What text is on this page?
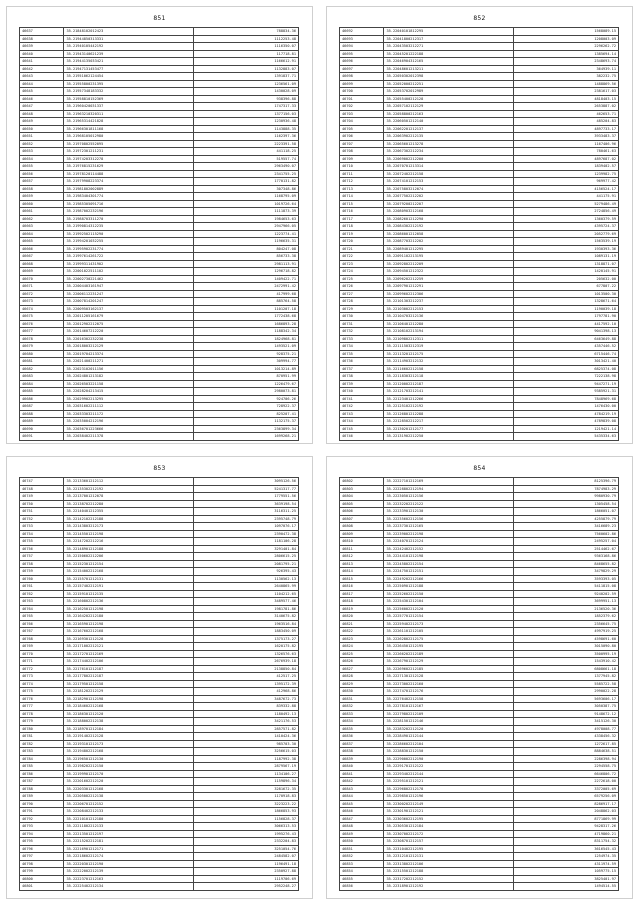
851
46637	35.21848102012423	788834.36
46638	35.21944850313331	1112253.48
46639	35.21940105442192	1116350.07
46640	35.21943140621239	117718.81
46641	35.21944135033421	1166612.91
46642	35.21947131453477	1132883.07
46643	35.21951062124454	1391837.71
46644	35.21955800231395	1236561.09
46645	35.21957348183332	1430028.09
46646	35.21958810152369	938396.88
46647	35.21960420031337	1747317.33
46648	35.21963210320311	1377156.03
46649	35.21965314421828	1230936.48
46650	35.21966301811168	1143888.35
46651	35.21968105012980	1162397.36
46652	35.21970802552095	2223391.58
46653	35.21972301211231	441118.25
46654	35.21974203312278	519557.74
46655	35.21976815231629	2963490.07
46656	35.21978120114488	2341755.25
46657	35.21979908223374	1770131.82
46658	35.21981802002889	307348.86
46659	35.21983404301774	1168795.09
46660	35.21985305091716	1019726.64
46661	35.21987002232196	1111873.39
46662	35.21988703311270	1984653.63
46663	35.21990814312235	2947966.05
46664	35.21992502115290	1223774.41
46665	35.21994201032255	1196635.31
46666	35.21995902231774	804247.08
46667	35.21997614261722	856733.38
46668	35.21999311431902	2981113.91
46669	35.22001022511102	1296718.82
46670	35.22002730221462	1409422.71
46671	35.22004403161947	2472991.42
46672	35.22006112231247	417999.68
46673	35.22007814201247	885764.58
46674	35.22009503162137	1101207.18
46675	35.22011205161679	1772438.68
46676	35.22012902212075	1686893.28
46677	35.22014607212220	1188342.34
46678	35.22016302232238	1824968.81
46679	35.22018003212129	1493521.09
46680	35.22019704213374	928375.21
46681	35.22021400211271	309994.77
46682	35.22023102011156	1013214.89
46683	35.22024801213182	870951.99
46684	35.22026503221158	1226479.67
46685	35.22028204213415	2980073.81
46686	35.22029902213295	924706.26
46687	35.22031602211112	728922.37
46688	35.22033303211172	825207.41
46689	35.22035004212196	1132175.37
46690	35.22036701223666	2363899.34
46691	35.22038402211378	1699268.21
852
46692	35.22040101812295	1568089.15
46693	35.22041800212317	1208003.09
46694	35.22043503212271	2296262.72
46695	35.22045201222188	1385694.14
46696	35.22046904312165	2348693.74
46697	35.22048601213211	364939.11
46698	35.22050302012398	382232.75
46699	35.22052000212251	1488869.56
46700	35.22053702012989	2381617.03
46701	35.22055400212128	4818403.15
46702	35.22057102112129	2653887.02
46703	35.22058800212163	462653.71
46704	35.22060501212140	485204.83
46705	35.22062201212137	4897733.17
46706	35.22063902212135	3933483.37
46707	35.22065601213278	1167406.96
46708	35.22067302212234	780461.63
46709	35.22069002212200	4897687.02
46710	35.22070701213314	1839402.57
46711	35.22072402212158	1239982.75
46712	35.22074101212153	969977.42
46713	35.22075803212074	4156524.17
46714	35.22077502212202	441175.91
46715	35.22079200212207	5279486.49
46716	35.22080903212168	2724856.49
46717	35.22082601212290	1360379.59
46718	35.22084302212192	4395724.37
46719	35.22086001212058	2052779.69
46720	35.22087703212202	1563539.19
46721	35.22089401212295	1930393.36
46722	35.22091102213195	1089131.19
46723	35.22092802212209	1318871.07
46724	35.22094501212322	1420145.91
46725	35.22096202212259	205632.00
46726	35.22097901212291	677807.22
46727	35.22099602212306	1013500.30
46728	35.22101303212237	1328671.64
46729	35.22103002212153	1190039.18
46730	35.22104703212136	1797781.90
46731	35.22106401212280	4417592.10
46732	35.22108102213194	9041398.13
46733	35.22109802212311	6463649.88
46734	35.22111503212319	4357446.52
46735	35.22113201212175	6715446.74
46736	35.22114903212132	3013421.40
46737	35.22116602212158	6825374.08
46738	35.22118303212118	7222138.98
46739	35.22120002212187	9447271.19
46740	35.22121703212141	9385921.31
46741	35.22123401212266	7848969.68
46742	35.22125102212192	1476430.00
46743	35.22126801212288	4784219.19
46744	35.22128502212217	4789839.08
46745	35.22130201212177	1219421.14
46746	35.22131902212250	5435334.63
853
46747	35.22133601212112	3095126.56
46748	35.22135302212192	5241317.77
46749	35.22137001212078	1779551.56
46750	35.22138702212280	3639198.54
46751	35.22140401212355	3116311.25
46752	35.22142102212188	2395748.79
46753	35.22143803212173	1097076.17
46754	35.22145501212198	2390472.38
46755	35.22147202212216	1181106.28
46756	35.22148901212188	3291401.84
46757	35.22150602212206	2806615.25
46758	35.22152301212154	2081795.21
46759	35.22154002212168	926395.43
46760	35.22155701212131	1130562.13
46761	35.22157402212191	2640865.99
46762	35.22159101212135	1104212.65
46763	35.22160802212136	3489577.46
46764	35.22162501212198	1981781.86
46765	35.22164202212180	3140675.82
46766	35.22165901212198	1963516.84
46767	35.22167602212168	1883450.09
46768	35.22169301212128	1375173.27
46769	35.22171002212121	1620175.82
46770	35.22172701212169	1326576.63
46771	35.22174402212106	2676939.18
46772	35.22176101212187	2138850.84
46773	35.22177802212187	412517.25
46774	35.22179501212158	1395172.39
46775	35.22181202212129	412968.86
46776	35.22182901212198	3487672.73
46777	35.22184602212168	839332.88
46778	35.22186301212120	1180492.13
46779	35.22188002212138	3421176.53
46780	35.22189701212184	2857571.82
46781	35.22191402212128	1410424.36
46782	35.22193101212173	985703.30
46783	35.22194802212168	3256615.03
46784	35.22196501212130	1187992.38
46785	35.22198202212150	2879567.19
46786	35.22199901212170	1134106.27
46787	35.22201602212120	1159896.34
46788	35.22203301212168	3281672.35
46789	35.22205002212138	1170918.83
46790	35.22206701212152	3223223.22
46791	35.22208402212133	1866853.93
46792	35.22210101212180	1156828.37
46793	35.22211802212133	3066313.53
46794	35.22213501212197	1995276.43
46795	35.22215202212181	2332204.83
46796	35.22216901212171	3251054.76
46797	35.22218602212174	2484582.07
46798	35.22220301212190	1196491.18
46799	35.22222002212139	2350927.88
46800	35.22223701212163	1119706.69
46801	35.22225402212134	2952248.27
854
46802	35.22227101212169	8125396.79
46803	35.22228802212194	7874983.29
46804	35.22230501212156	9980930.79
46805	35.22232202212122	1305458.54
46806	35.22233901212130	1866051.07
46807	35.22235602212156	4255879.79
46808	35.22237301212165	3416689.23
46809	35.22239002212198	7560602.86
46810	35.22240701212124	2495257.04
46811	35.22242402212152	2514462.67
46812	35.22244101212198	9363168.86
46813	35.22245802212154	8468655.82
46814	35.22247501212151	3479829.29
46815	35.22249202212166	3593393.05
46816	35.22250901212188	5411815.08
46817	35.22252602212150	9240202.59
46818	35.22254301212104	3699951.13
46819	35.22256002212120	2136520.36
46820	35.22257701212154	1852379.62
46821	35.22259402212173	2356645.75
46822	35.22261101212105	4997919.25
46823	35.22262802212175	4598691.60
46824	35.22264501212195	3015090.80
46825	35.22266202212189	3500995.19
46826	35.22267901212129	1543910.42
46827	35.22269602212185	6808661.18
46828	35.22271301212128	1377945.82
46829	35.22273002212160	5585722.58
46830	35.22274701212176	2990022.28
46831	35.22276402212158	5693606.17
46832	35.22278101212167	3050387.75
46833	35.22279802212109	9148672.12
46834	35.22281501212146	3415126.30
46835	35.22283202212120	4978008.77
46836	35.22284901212144	4338456.32
46837	35.22286602212104	1272617.85
46838	35.22288301212150	8884638.51
46839	35.22290002212190	2286398.94
46840	35.22291701212122	2294558.75
46841	35.22293402212144	6646806.72
46842	35.22295101212121	2272618.00
46843	35.22296802212178	3372005.69
46844	35.22298501212196	6579256.09
46845	35.22300202212149	8286917.17
46846	35.22301901212121	2048862.03
46847	35.22303602212195	8771869.99
46848	35.22305301212184	9428317.26
46849	35.22307002212172	4719860.21
46850	35.22308701212157	8311754.32
46851	35.22310402212195	3616545.43
46852	35.22312101212131	1254974.35
46853	35.22313802212106	4311974.59
46854	35.22315501212188	1059775.15
46855	35.22317202212152	3825401.97
46856	35.22318901212192	1494514.55
